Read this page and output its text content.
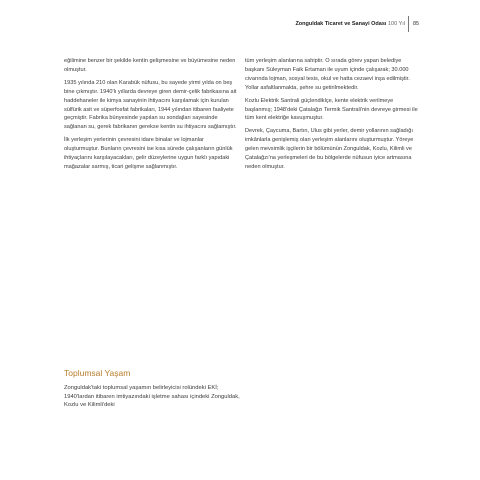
Zonguldak Ticaret ve Sanayi Odası 100 Yıl 85

eğilimine benzer bir şekilde kentin gelişmesine ve büyümesine neden olmuştur.

1935 yılında 210 olan Karabük nüfusu, bu sayede yirmi yılda on beş bine çıkmıştır. 1940'lı yıllarda devreye giren demir-çelik fabrikasına ait haddehaneler ile kimya sanayinin ihtiyacını karşılamak için kurulan sülfürik asit ve süperfosfat fabrikaları, 1944 yılından itibaren faaliyete geçmiştir. Fabrika bünyesinde yapılan su sondajları sayesinde sağlanan su, gerek fabrikanın gerekse kentin su ihtiyacını sağlamıştır.

İlk yerleşim yerlerinin çevresini idare binalar ve lojmanlar oluşturmuştur. Bunların çevresini ise kısa sürede çalışanların günlük ihtiyaçlarını karşılayacakları, gelir düzeylerine uygun farklı yapıdaki mağazalar sarmış, ticari gelişme sağlanmıştır.

tüm yerleşim alanlarına sahiptir. O sırada görev yapan belediye başkanı Süleyman Faik Ertaman ile uyum içinde çalışarak; 30.000 civarında lojman, sosyal tesis, okul ve hatta cezaevi inşa edilmiştir. Yollar asfaltlanmakta, şehre su getirilmektedir.

Kozlu Elektrik Santrali güçlendiklçe, kente elektrik verilmeye başlanmış; 1948'deki Çatalağzı Termik Santrali'nin devreye girmesi ile tüm kent elektriğe kavuşmuştur.

Devrek, Çaycuma, Bartın, Ulus gibi yerler, demir yollarının sağladığı imkânlarla genişlemiş olan yerleşim alanlarını oluşturmuştur. Yöreye gelen mevsimlik işçilerin bir bölümünün Zonguldak, Kozlu, Kilimli ve Çatalağzı'na yerleşmeleri de bu bölgelerde nüfusun iyice artmasına neden olmuştur.

Toplumsal Yaşam

Zonguldak'taki toplumsal yaşamın belirleyicisi rolündeki EKİ; 1940'lardan itibaren imtiyazındaki işletme sahası içindeki Zonguldak, Kozlu ve Kilimli'deki
